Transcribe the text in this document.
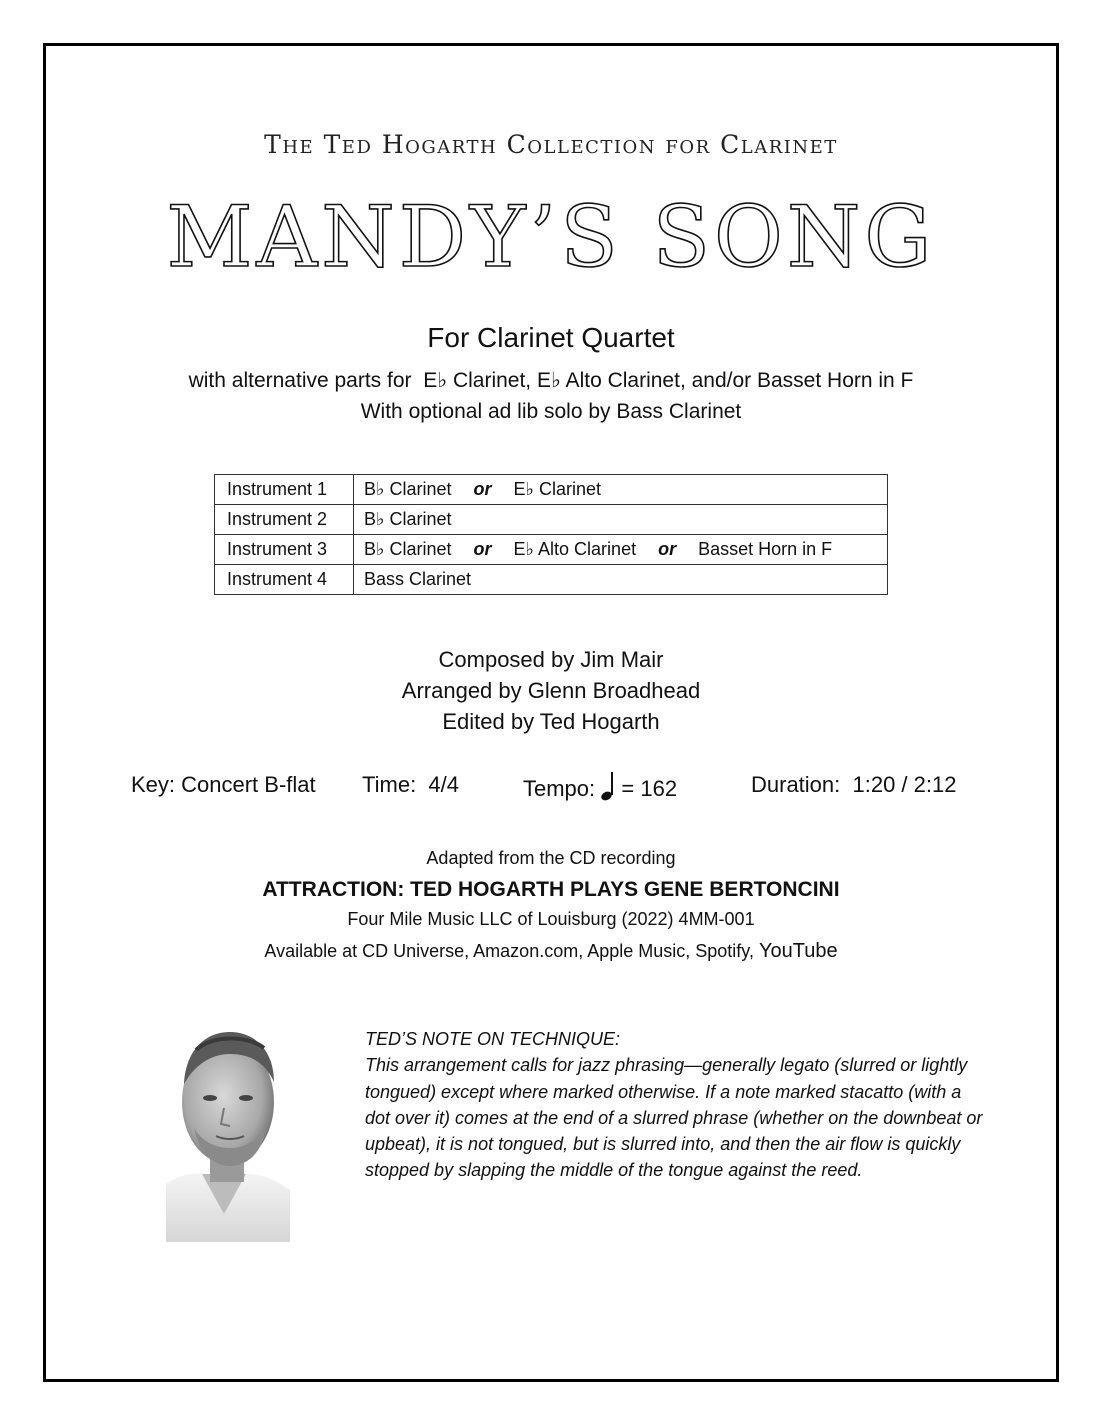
The Ted Hogarth Collection for Clarinet
MANDY’S SONG
For Clarinet Quartet
with alternative parts for  E♭ Clarinet, E♭ Alto Clarinet, and/or Basset Horn in F
With optional ad lib solo by Bass Clarinet
Instrument 1	B♭ Clarinet or E♭ Clarinet
Instrument 2	B♭ Clarinet
Instrument 3	B♭ Clarinet or E♭ Alto Clarinet or Basset Horn in F
Instrument 4	Bass Clarinet
Composed by Jim Mair
Arranged by Glenn Broadhead
Edited by Ted Hogarth
Key: Concert B-flat Time:  4/4	Tempo: = 162	Duration:  1:20 / 2:12
Adapted from the CD recording
ATTRACTION: TED HOGARTH PLAYS GENE BERTONCINI
Four Mile Music LLC of Louisburg (2022) 4MM-001
Available at CD Universe, Amazon.com, Apple Music, Spotify, YouTube
TED’S NOTE ON TECHNIQUE:
This arrangement calls for jazz phrasing—generally legato (slurred or lightly tongued) except where marked otherwise. If a note marked stacatto (with a dot over it) comes at the end of a slurred phrase (whether on the downbeat or upbeat), it is not tongued, but is slurred into, and then the air flow is quickly stopped by slapping the middle of the tongue against the reed.
